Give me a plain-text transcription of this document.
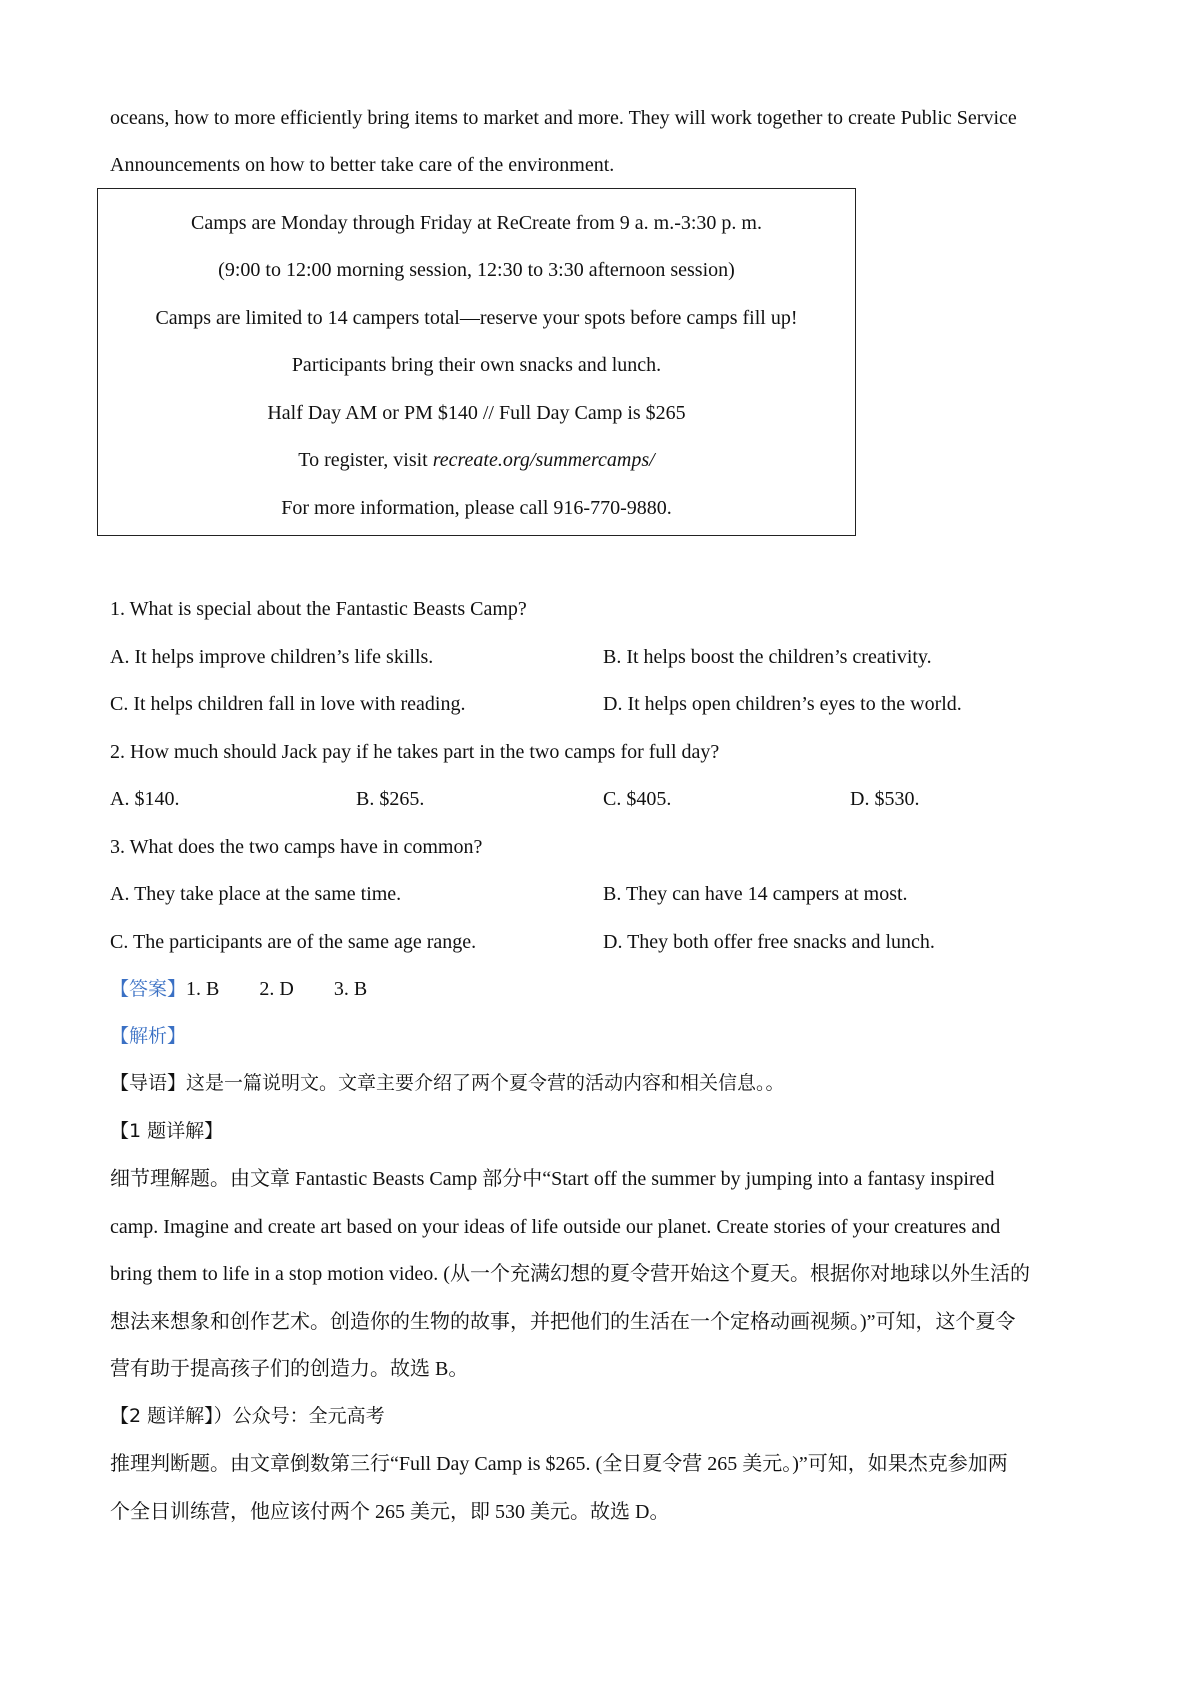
oceans, how to more efficiently bring items to market and more. They will work together to create Public Service
Announcements on how to better take care of the environment.
Camps are Monday through Friday at ReCreate from 9 a. m.-3:30 p. m.
(9:00 to 12:00 morning session, 12:30 to 3:30 afternoon session)
Camps are limited to 14 campers total—reserve your spots before camps fill up!
Participants bring their own snacks and lunch.
Half Day AM or PM $140 // Full Day Camp is $265
To register, visit recreate.org/summercamps/
For more information, please call 916-770-9880.
1. What is special about the Fantastic Beasts Camp?
A. It helps improve children’s life skills.	B. It helps boost the children’s creativity.
C. It helps children fall in love with reading.	D. It helps open children’s eyes to the world.
2. How much should Jack pay if he takes part in the two camps for full day?
A. $140.	B. $265.	C. $405.	D. $530.
3. What does the two camps have in common?
A. They take place at the same time.	B. They can have 14 campers at most.
C. The participants are of the same age range.	D. They both offer free snacks and lunch.
【答案】1. B 2. D 3. B
【解析】
【导语】这是一篇说明文。文章主要介绍了两个夏令营的活动内容和相关信息。。
【1 题详解】
细节理解题。由文章 Fantastic Beasts Camp 部分中“Start off the summer by jumping into a fantasy inspired
camp. Imagine and create art based on your ideas of life outside our planet. Create stories of your creatures and
bring them to life in a stop motion video. (从一个充满幻想的夏令营开始这个夏天。根据你对地球以外生活的
想法来想象和创作艺术。创造你的生物的故事，并把他们的生活在一个定格动画视频。)”可知，这个夏令
营有助于提高孩子们的创造力。故选 B。
【2 题详解】）公众号：全元高考
推理判断题。由文章倒数第三行“Full Day Camp is $265. (全日夏令营 265 美元。)”可知，如果杰克参加两
个全日训练营，他应该付两个 265 美元，即 530 美元。故选 D。
